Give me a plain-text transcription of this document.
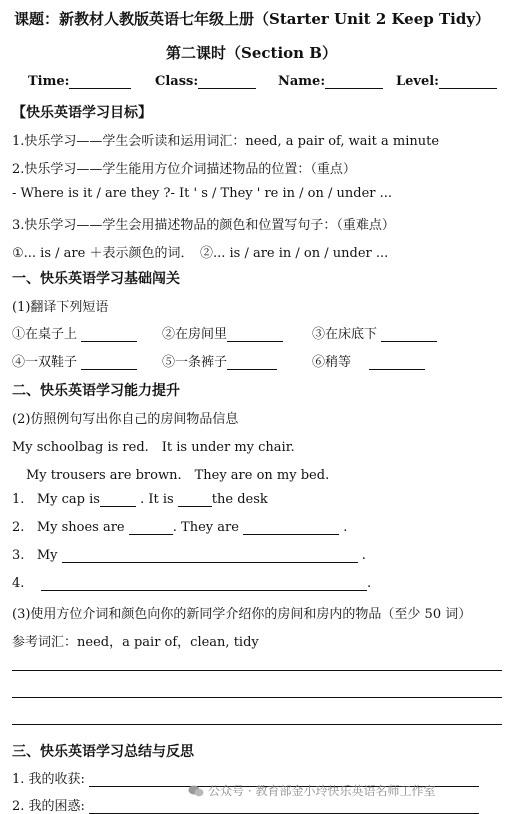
课题：新教材人教版英语七年级上册（Starter Unit 2 Keep Tidy）
第二课时（Section B）
Time:	Class:	Name:	Level:
【快乐英语学习目标】
1.快乐学习——学生会听读和运用词汇：need, a pair of, wait a minute
2.快乐学习——学生能用方位介词描述物品的位置：（重点）
- Where is it / are they ?- It ' s / They ' re in / on / under ...
3.快乐学习——学生会用描述物品的颜色和位置写句子：（重难点）
①... is / are ＋表示颜色的词．　②... is / are in / on / under ...
一、快乐英语学习基础闯关
(1)翻译下列短语
①在桌子上	②在房间里	③在床底下
④一双鞋子	⑤一条裤子	⑥稍等
二、快乐英语学习能力提升
(2)仿照例句写出你自己的房间物品信息
My schoolbag is red.　It is under my chair.
My trousers are brown.　They are on my bed.
1. My cap is	. It is	the desk
2. My shoes are	. They are	.
3. My	.
4.	.
(3)使用方位介词和颜色向你的新同学介绍你的房间和房内的物品（至少 50 词）
参考词汇：need，a pair of，clean, tidy
三、快乐英语学习总结与反思
1. 我的收获:
2. 我的困惑:
公众号 · 教育部金小玲快乐英语名师工作室
